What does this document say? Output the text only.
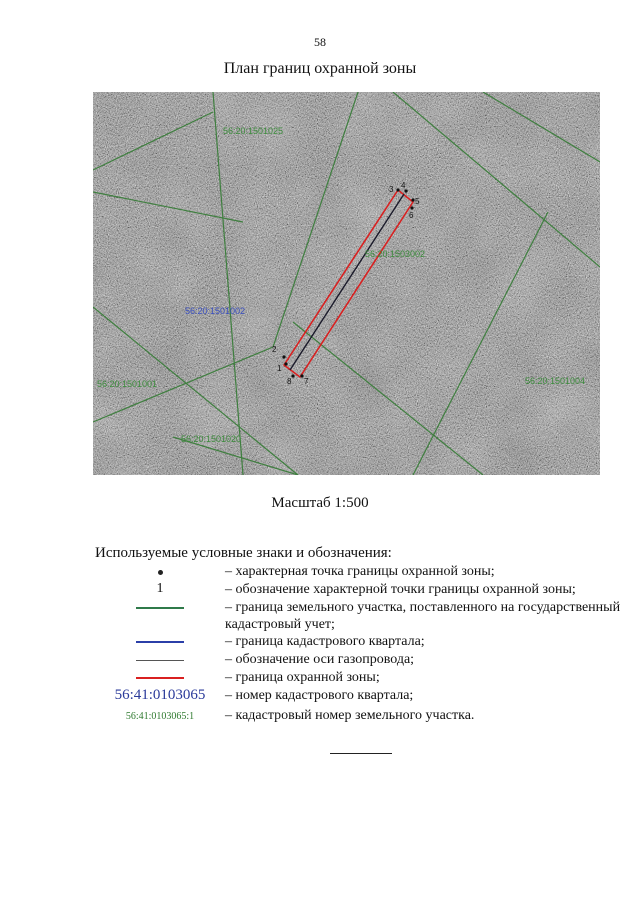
58
План границ охранной зоны
1
2
3 4
5
6
7
8
56:20:1501025
56:20:1501002
56:20:1503002
56:20:1501001
56:20:1501020
56:20:1501004
Масштаб 1:500
Используемые условные знаки и обозначения:
– характерная точка границы охранной зоны;
1	– обозначение характерной точки границы охранной зоны;
– граница земельного участка, поставленного на государственный кадастровый учет;
– граница кадастрового квартала;
– обозначение оси газопровода;
– граница охранной зоны;
56:41:0103065	– номер кадастрового квартала;
56:41:0103065:1	– кадастровый номер земельного участка.
